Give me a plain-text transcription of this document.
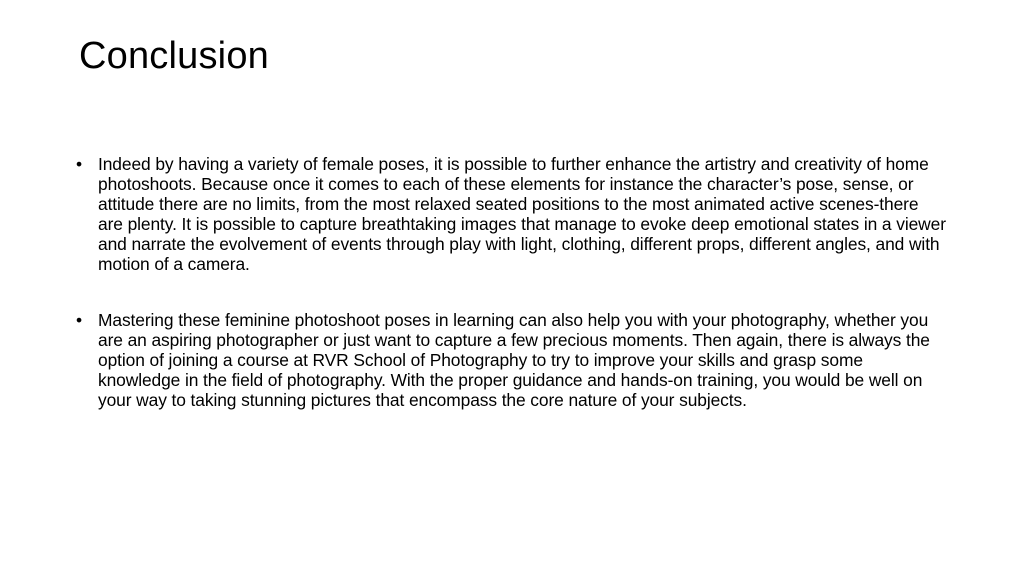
Conclusion
• Indeed by having a variety of female poses, it is possible to further enhance the artistry and creativity of home photoshoots. Because once it comes to each of these elements for instance the character’s pose, sense, or attitude there are no limits, from the most relaxed seated positions to the most animated active scenes-there are plenty. It is possible to capture breathtaking images that manage to evoke deep emotional states in a viewer and narrate the evolvement of events through play with light, clothing, different props, different angles, and with motion of a camera.
• Mastering these feminine photoshoot poses in learning can also help you with your photography, whether you are an aspiring photographer or just want to capture a few precious moments. Then again, there is always the option of joining a course at RVR School of Photography to try to improve your skills and grasp some knowledge in the field of photography. With the proper guidance and hands-on training, you would be well on your way to taking stunning pictures that encompass the core nature of your subjects.
